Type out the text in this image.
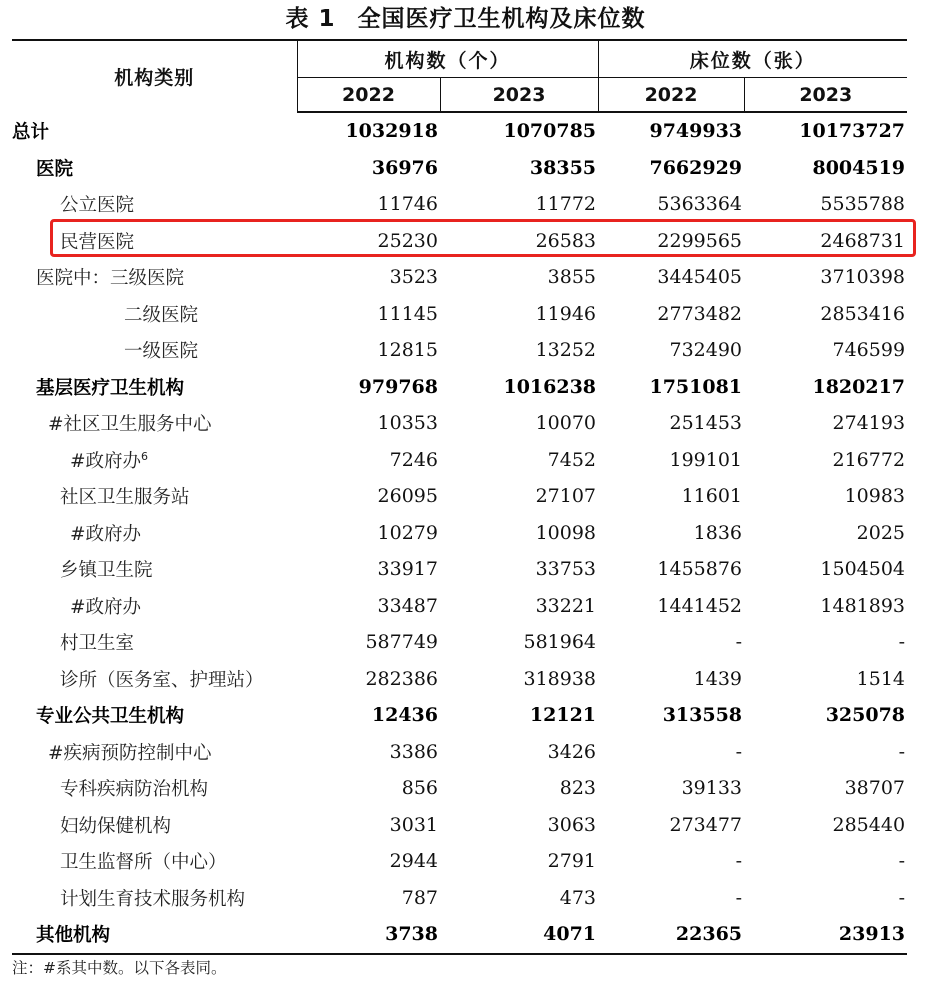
表 1 全国医疗卫生机构及床位数
机构类别	机构数（个）		床位数（张）	
	2022	2023	2022	2023
总计	1032918	1070785	9749933	10173727
医院	36976	38355	7662929	8004519
公立医院	11746	11772	5363364	5535788
民营医院	25230	26583	2299565	2468731
医院中：三级医院	3523	3855	3445405	3710398
二级医院	11145	11946	2773482	2853416
一级医院	12815	13252	732490	746599
基层医疗卫生机构	979768	1016238	1751081	1820217
#社区卫生服务中心	10353	10070	251453	274193
#政府办$^6$	7246	7452	199101	216772
社区卫生服务站	26095	27107	11601	10983
#政府办	10279	10098	1836	2025
乡镇卫生院	33917	33753	1455876	1504504
#政府办	33487	33221	1441452	1481893
村卫生室	587749	581964	-	-
诊所（医务室、护理站）	282386	318938	1439	1514
专业公共卫生机构	12436	12121	313558	325078
#疾病预防控制中心	3386	3426	-	-
专科疾病防治机构	856	823	39133	38707
妇幼保健机构	3031	3063	273477	285440
卫生监督所（中心）	2944	2791	-	-
计划生育技术服务机构	787	473	-	-
其他机构	3738	4071	22365	23913
注：#系其中数。以下各表同。
